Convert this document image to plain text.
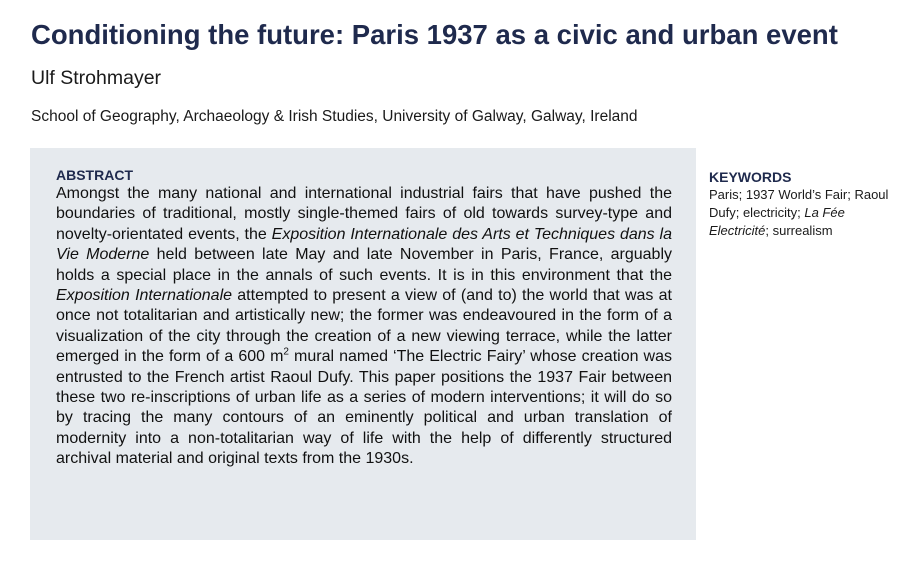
Conditioning the future: Paris 1937 as a civic and urban event

Ulf Strohmayer

School of Geography, Archaeology & Irish Studies, University of Galway, Galway, Ireland

ABSTRACT

Amongst the many national and international industrial fairs that have pushed the boundaries of traditional, mostly single-themed fairs of old towards survey-type and novelty-orientated events, the Exposition Internationale des Arts et Techniques dans la Vie Moderne held between late May and late November in Paris, France, arguably holds a special place in the annals of such events. It is in this environment that the Exposition Internationale attempted to present a view of (and to) the world that was at once not totalitarian and artistically new; the former was endeavoured in the form of a visualization of the city through the creation of a new viewing terrace, while the latter emerged in the form of a 600 $m^2$ mural named ‘The Electric Fairy’ whose creation was entrusted to the French artist Raoul Dufy. This paper positions the 1937 Fair between these two re-inscriptions of urban life as a series of modern interventions; it will do so by tracing the many contours of an eminently political and urban translation of modernity into a non-totalitarian way of life with the help of differently structured archival material and original texts from the 1930s.

KEYWORDS

Paris; 1937 World’s Fair; Raoul Dufy; electricity; La Fée Electricité; surrealism
